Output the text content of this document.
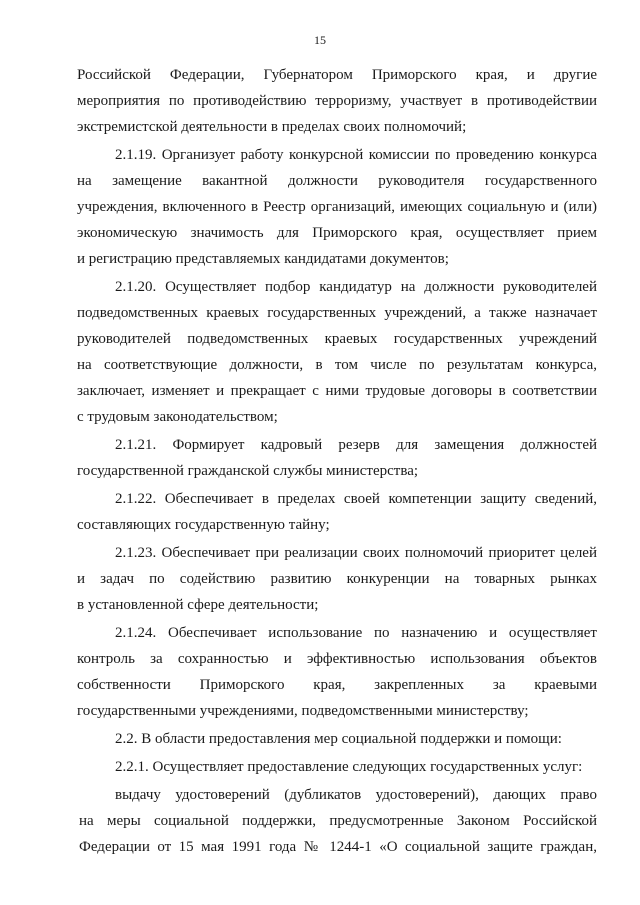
15
Российской Федерации, Губернатором Приморского края, и другие
мероприятия по противодействию терроризму, участвует в противодействии
экстремистской деятельности в пределах своих полномочий;
2.1.19. Организует работу конкурсной комиссии по проведению конкурса
на замещение вакантной должности руководителя государственного
учреждения, включенного в Реестр организаций, имеющих социальную и (или)
экономическую значимость для Приморского края, осуществляет прием
и регистрацию представляемых кандидатами документов;
2.1.20. Осуществляет подбор кандидатур на должности руководителей
подведомственных краевых государственных учреждений, а также назначает
руководителей подведомственных краевых государственных учреждений
на соответствующие должности, в том числе по результатам конкурса,
заключает, изменяет и прекращает с ними трудовые договоры в соответствии
с трудовым законодательством;
2.1.21. Формирует кадровый резерв для замещения должностей
государственной гражданской службы министерства;
2.1.22. Обеспечивает в пределах своей компетенции защиту сведений,
составляющих государственную тайну;
2.1.23. Обеспечивает при реализации своих полномочий приоритет целей
и задач по содействию развитию конкуренции на товарных рынках
в установленной сфере деятельности;
2.1.24. Обеспечивает использование по назначению и осуществляет
контроль за сохранностью и эффективностью использования объектов
собственности Приморского края, закрепленных за краевыми
государственными учреждениями, подведомственными министерству;
2.2. В области предоставления мер социальной поддержки и помощи:
2.2.1. Осуществляет предоставление следующих государственных услуг:
выдачу удостоверений (дубликатов удостоверений), дающих право
на меры социальной поддержки, предусмотренные Законом Российской
Федерации от 15 мая 1991 года № 1244-1 «О социальной защите граждан,
